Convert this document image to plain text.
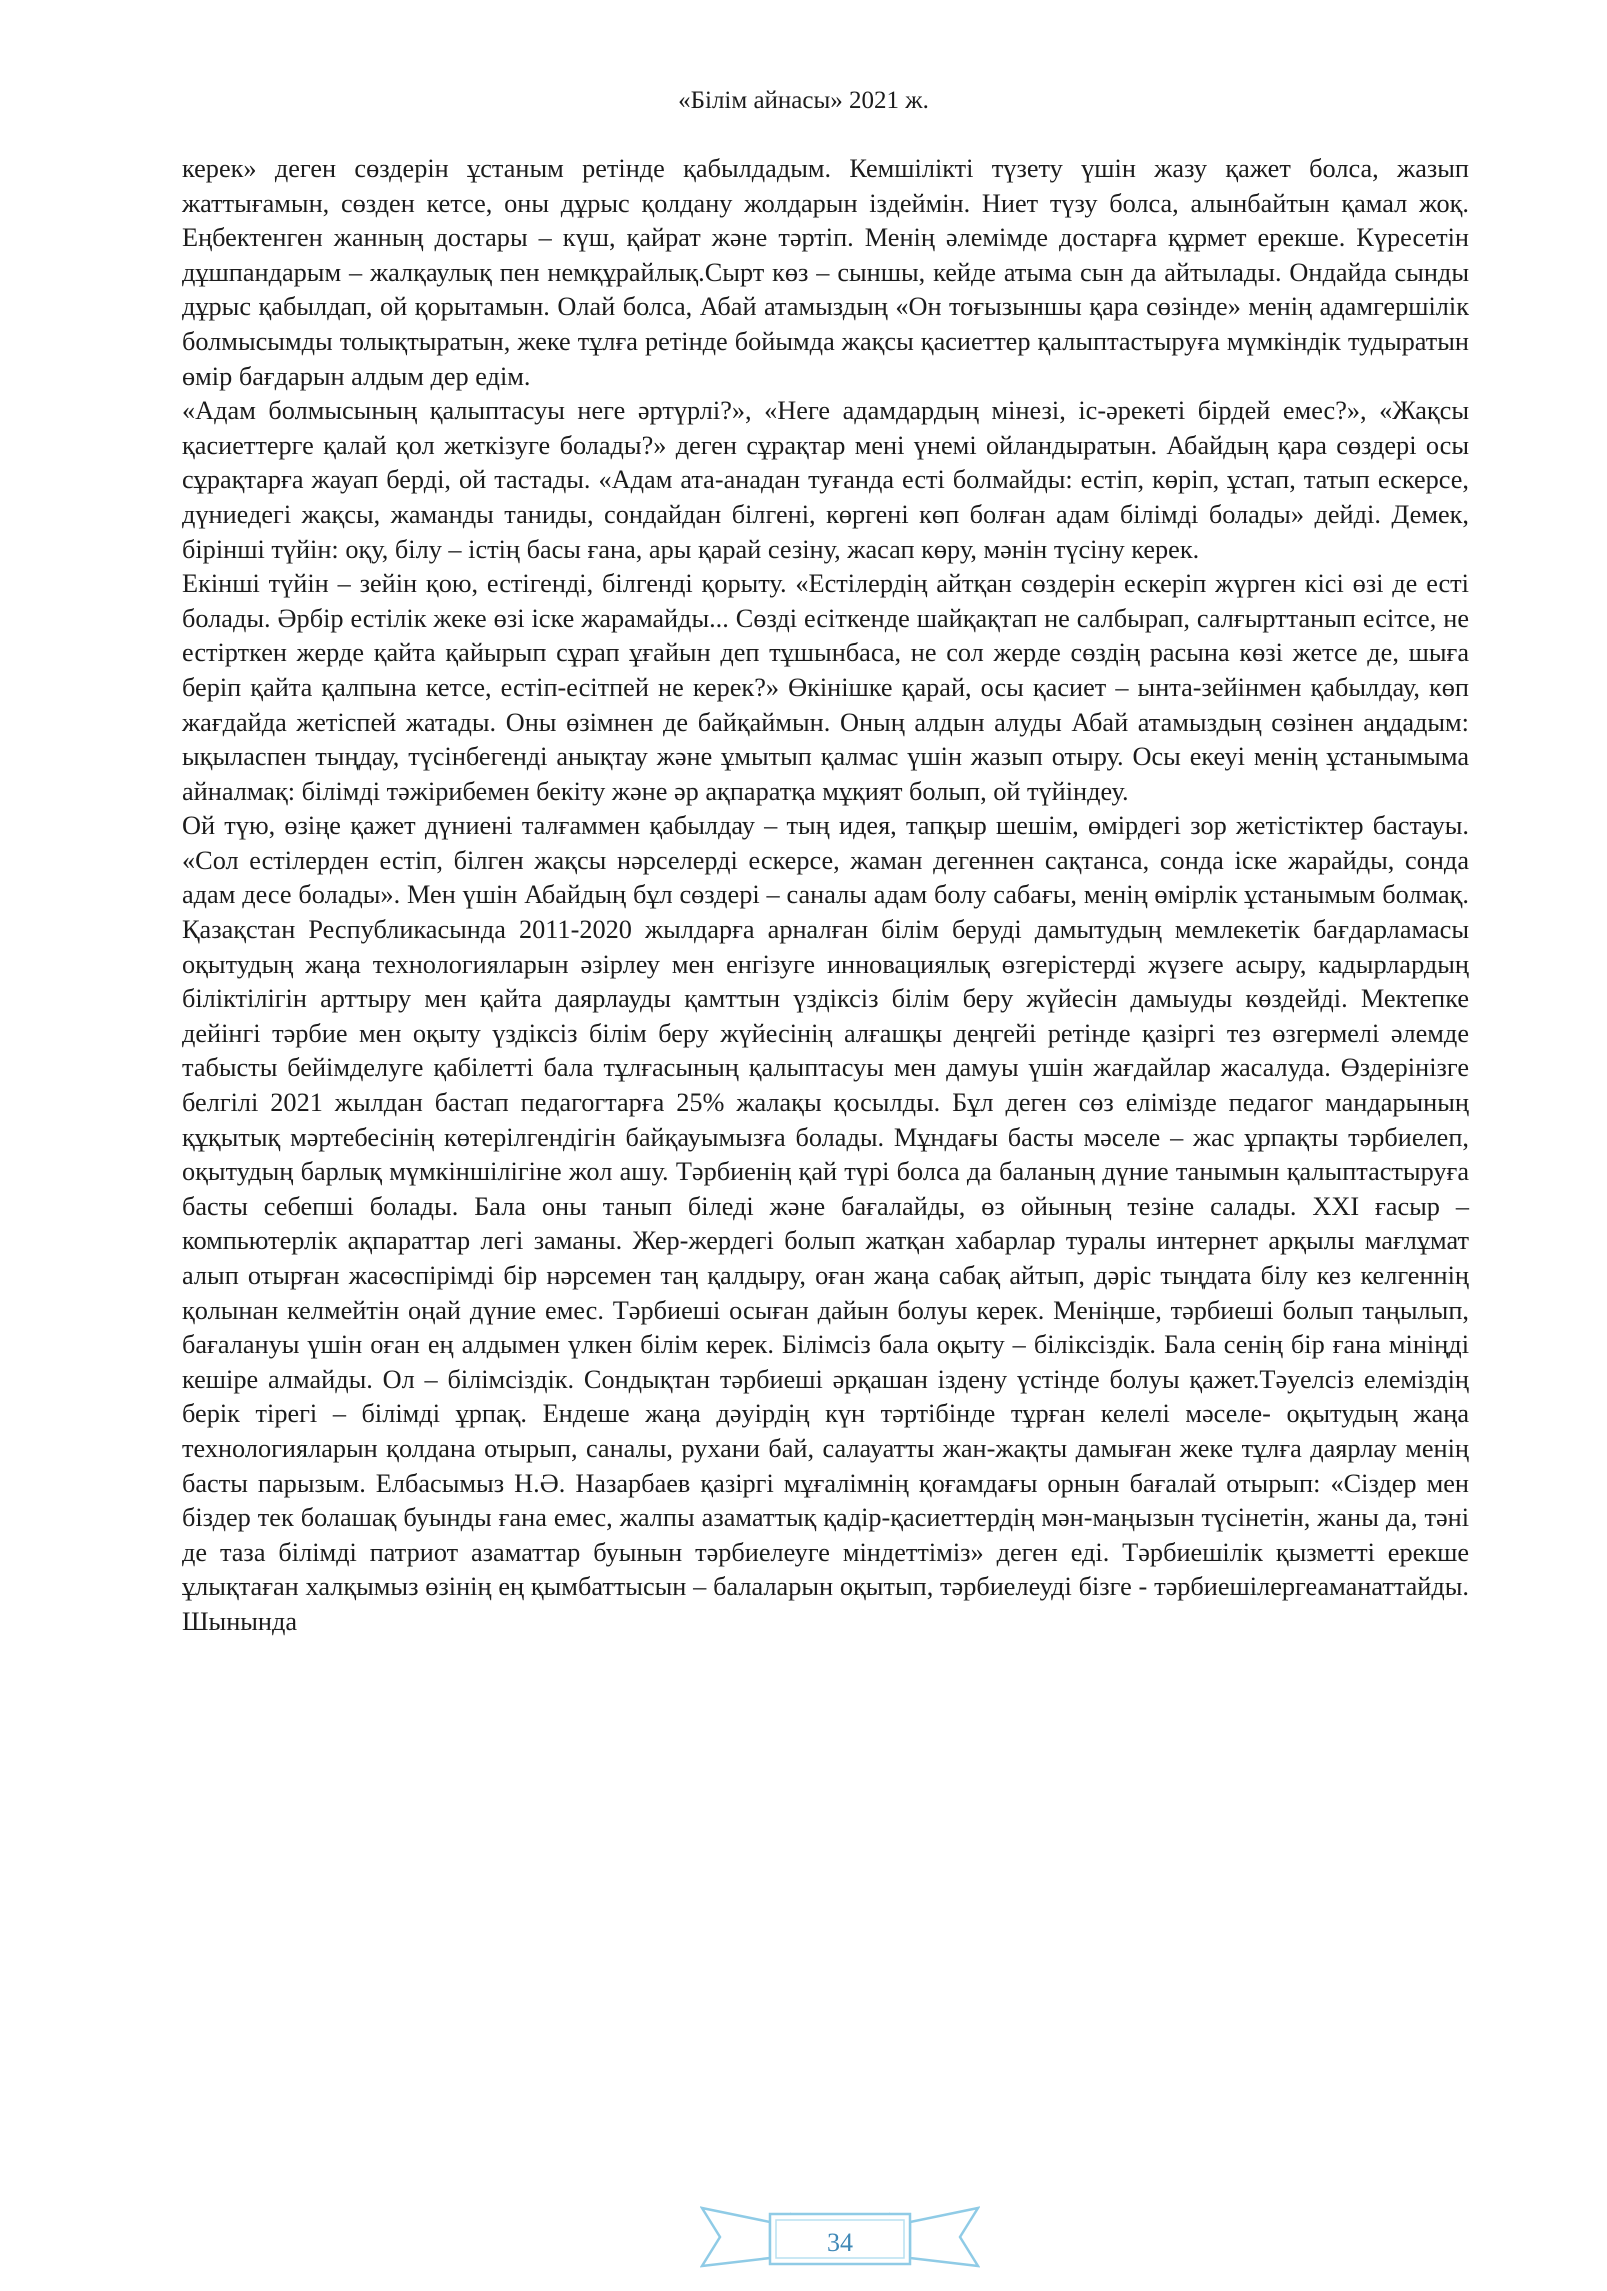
«Білім айнасы» 2021 ж.

керек» деген сөздерін ұстаным ретінде қабылдадым. Кемшілікті түзету үшін жазу қажет болса, жазып жаттығамын, сөзден кетсе, оны дұрыс қолдану жолдарын іздеймін. Ниет түзу болса, алынбайтын қамал жоқ. Еңбектенген жанның достары – күш, қайрат және тәртіп. Менің әлемімде достарға құрмет ерекше. Күресетін дұшпандарым – жалқаулық пен немқұрайлық.Сырт көз – сыншы, кейде атыма сын да айтылады. Ондайда сынды дұрыс қабылдап, ой қорытамын. Олай болса, Абай атамыздың «Он тоғызыншы қара сөзінде» менің адамгершілік болмысымды толықтыратын, жеке тұлға ретінде бойымда жақсы қасиеттер қалыптастыруға мүмкіндік тудыратын өмір бағдарын алдым дер едім.

«Адам болмысының қалыптасуы неге әртүрлі?», «Неге адамдардың мінезі, іс-әрекеті бірдей емес?», «Жақсы қасиеттерге қалай қол жеткізуге болады?» деген сұрақтар мені үнемі ойландыратын. Абайдың қара сөздері осы сұрақтарға жауап берді, ой тастады. «Адам ата-анадан туғанда есті болмайды: естіп, көріп, ұстап, татып ескерсе, дүниедегі жақсы, жаманды таниды, сондайдан білгені, көргені көп болған адам білімді болады» дейді. Демек, бірінші түйін: оқу, білу – істің басы ғана, ары қарай сезіну, жасап көру, мәнін түсіну керек.

Екінші түйін – зейін қою, естігенді, білгенді қорыту. «Естілердің айтқан сөздерін ескеріп жүрген кісі өзі де есті болады. Әрбір естілік жеке өзі іске жарамайды... Сөзді есіткенде шайқақтап не салбырап, салғырттанып есітсе, не естірткен жерде қайта қайырып сұрап ұғайын деп тұшынбаса, не сол жерде сөздің расына көзі жетсе де, шыға беріп қайта қалпына кетсе, естіп-есітпей не керек?» Өкінішке қарай, осы қасиет – ынта-зейінмен қабылдау, көп жағдайда жетіспей жатады. Оны өзімнен де байқаймын. Оның алдын алуды Абай атамыздың сөзінен аңдадым: ықыласпен тыңдау, түсінбегенді анықтау және ұмытып қалмас үшін жазып отыру. Осы екеуі менің ұстанымыма айналмақ: білімді тәжірибемен бекіту және әр ақпаратқа мұқият болып, ой түйіндеу.

Ой түю, өзіңе қажет дүниені талғаммен қабылдау – тың идея, тапқыр шешім, өмірдегі зор жетістіктер бастауы. «Сол естілерден естіп, білген жақсы нәрселерді ескерсе, жаман дегеннен сақтанса, сонда іске жарайды, сонда адам десе болады». Мен үшін Абайдың бұл сөздері – саналы адам болу сабағы, менің өмірлік ұстанымым болмақ. Қазақстан Республикасында 2011-2020 жылдарға арналған білім беруді дамытудың мемлекетік бағдарламасы оқытудың жаңа технологияларын әзірлеу мен енгізуге инновациялық өзгерістерді жүзеге асыру, кадырлардың біліктілігін арттыру мен қайта даярлауды қамттын үздіксіз білім беру жүйесін дамыуды көздейді. Мектепке дейінгі тәрбие мен оқыту үздіксіз білім беру жүйесінің алғашқы деңгейі ретінде қазіргі тез өзгермелі әлемде табысты бейімделуге қабілетті бала тұлғасының қалыптасуы мен дамуы үшін жағдайлар жасалуда. Өздерінізге белгілі 2021 жылдан бастап педагогтарға 25% жалақы қосылды. Бұл деген сөз елімізде педагог мандарының құқытық мәртебесінің көтерілгендігін байқауымызға болады. Мұндағы басты мәселе – жас ұрпақты тәрбиелеп, оқытудың барлық мүмкіншілігіне жол ашу. Тәрбиенің қай түрі болса да баланың дүние танымын қалыптастыруға басты себепші болады. Бала оны танып біледі және бағалайды, өз ойының тезіне салады. XXI ғасыр – компьютерлік ақпараттар легі заманы. Жер-жердегі болып жатқан хабарлар туралы интернет арқылы мағлұмат алып отырған жасөспірімді бір нәрсемен таң қалдыру, оған жаңа сабақ айтып, дәріс тыңдата білу кез келгеннің қолынан келмейтін оңай дүние емес. Тәрбиеші осыған дайын болуы керек. Меніңше, тәрбиеші болып таңылып, бағалануы үшін оған ең алдымен үлкен білім керек. Білімсіз бала оқыту – біліксіздік. Бала сенің бір ғана мініңді кешіре алмайды. Ол – білімсіздік. Сондықтан тәрбиеші әрқашан іздену үстінде болуы қажет.Тәуелсіз елеміздің берік тірегі – білімді ұрпақ. Ендеше жаңа дәуірдің күн тәртібінде тұрған келелі мәселе- оқытудың жаңа технологияларын қолдана отырып, саналы, рухани бай, салауатты жан-жақты дамыған жеке тұлға даярлау менің басты парызым. Елбасымыз Н.Ә. Назарбаев қазіргі мұғалімнің қоғамдағы орнын бағалай отырып: «Сіздер мен біздер тек болашақ буынды ғана емес, жалпы азаматтық қадір-қасиеттердің мән-маңызын түсінетін, жаны да, тәні де таза білімді патриот азаматтар буынын тәрбиелеуге міндеттіміз» деген еді. Тәрбиешілік қызметті ерекше ұлықтаған халқымыз өзінің ең қымбаттысын – балаларын оқытып, тәрбиелеуді бізге - тәрбиешілергеаманаттайды. Шынында

34
